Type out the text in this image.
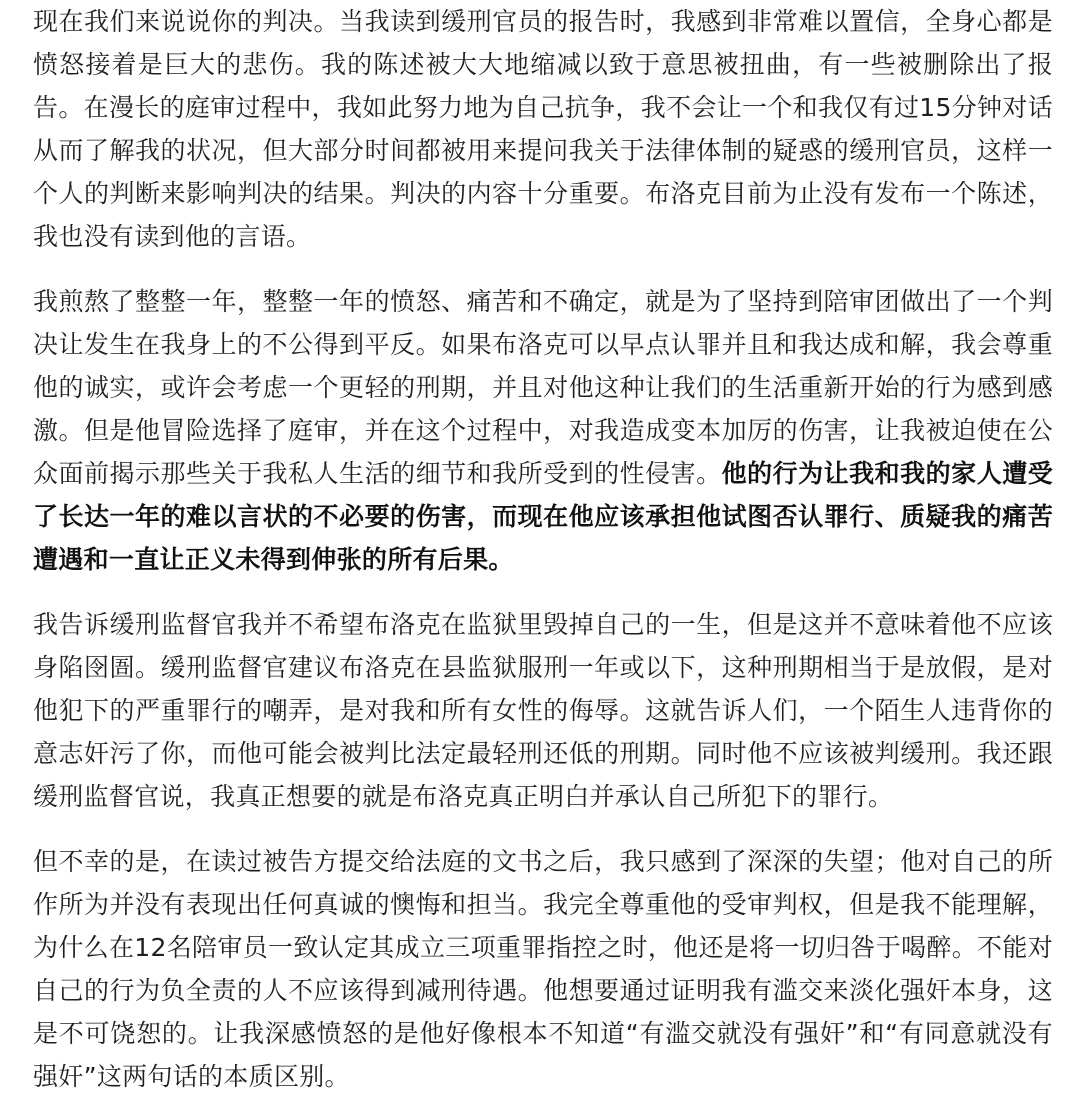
现在我们来说说你的判决。当我读到缓刑官员的报告时，我感到非常难以置信，全身心都是愤怒接着是巨大的悲伤。我的陈述被大大地缩减以致于意思被扭曲，有一些被删除出了报告。在漫长的庭审过程中，我如此努力地为自己抗争，我不会让一个和我仅有过15分钟对话从而了解我的状况，但大部分时间都被用来提问我关于法律体制的疑惑的缓刑官员，这样一个人的判断来影响判决的结果。判决的内容十分重要。布洛克目前为止没有发布一个陈述，我也没有读到他的言语。

我煎熬了整整一年，整整一年的愤怒、痛苦和不确定，就是为了坚持到陪审团做出了一个判决让发生在我身上的不公得到平反。如果布洛克可以早点认罪并且和我达成和解，我会尊重他的诚实，或许会考虑一个更轻的刑期，并且对他这种让我们的生活重新开始的行为感到感激。但是他冒险选择了庭审，并在这个过程中，对我造成变本加厉的伤害，让我被迫使在公众面前揭示那些关于我私人生活的细节和我所受到的性侵害。他的行为让我和我的家人遭受了长达一年的难以言状的不必要的伤害，而现在他应该承担他试图否认罪行、质疑我的痛苦遭遇和一直让正义未得到伸张的所有后果。

我告诉缓刑监督官我并不希望布洛克在监狱里毁掉自己的一生，但是这并不意味着他不应该身陷囹圄。缓刑监督官建议布洛克在县监狱服刑一年或以下，这种刑期相当于是放假，是对他犯下的严重罪行的嘲弄，是对我和所有女性的侮辱。这就告诉人们，一个陌生人违背你的意志奸污了你，而他可能会被判比法定最轻刑还低的刑期。同时他不应该被判缓刑。我还跟缓刑监督官说，我真正想要的就是布洛克真正明白并承认自己所犯下的罪行。

但不幸的是，在读过被告方提交给法庭的文书之后，我只感到了深深的失望；他对自己的所作所为并没有表现出任何真诚的懊悔和担当。我完全尊重他的受审判权，但是我不能理解，为什么在12名陪审员一致认定其成立三项重罪指控之时，他还是将一切归咎于喝醉。不能对自己的行为负全责的人不应该得到减刑待遇。他想要通过证明我有滥交来淡化强奸本身，这是不可饶恕的。让我深感愤怒的是他好像根本不知道“有滥交就没有强奸”和“有同意就没有强奸”这两句话的本质区别。
